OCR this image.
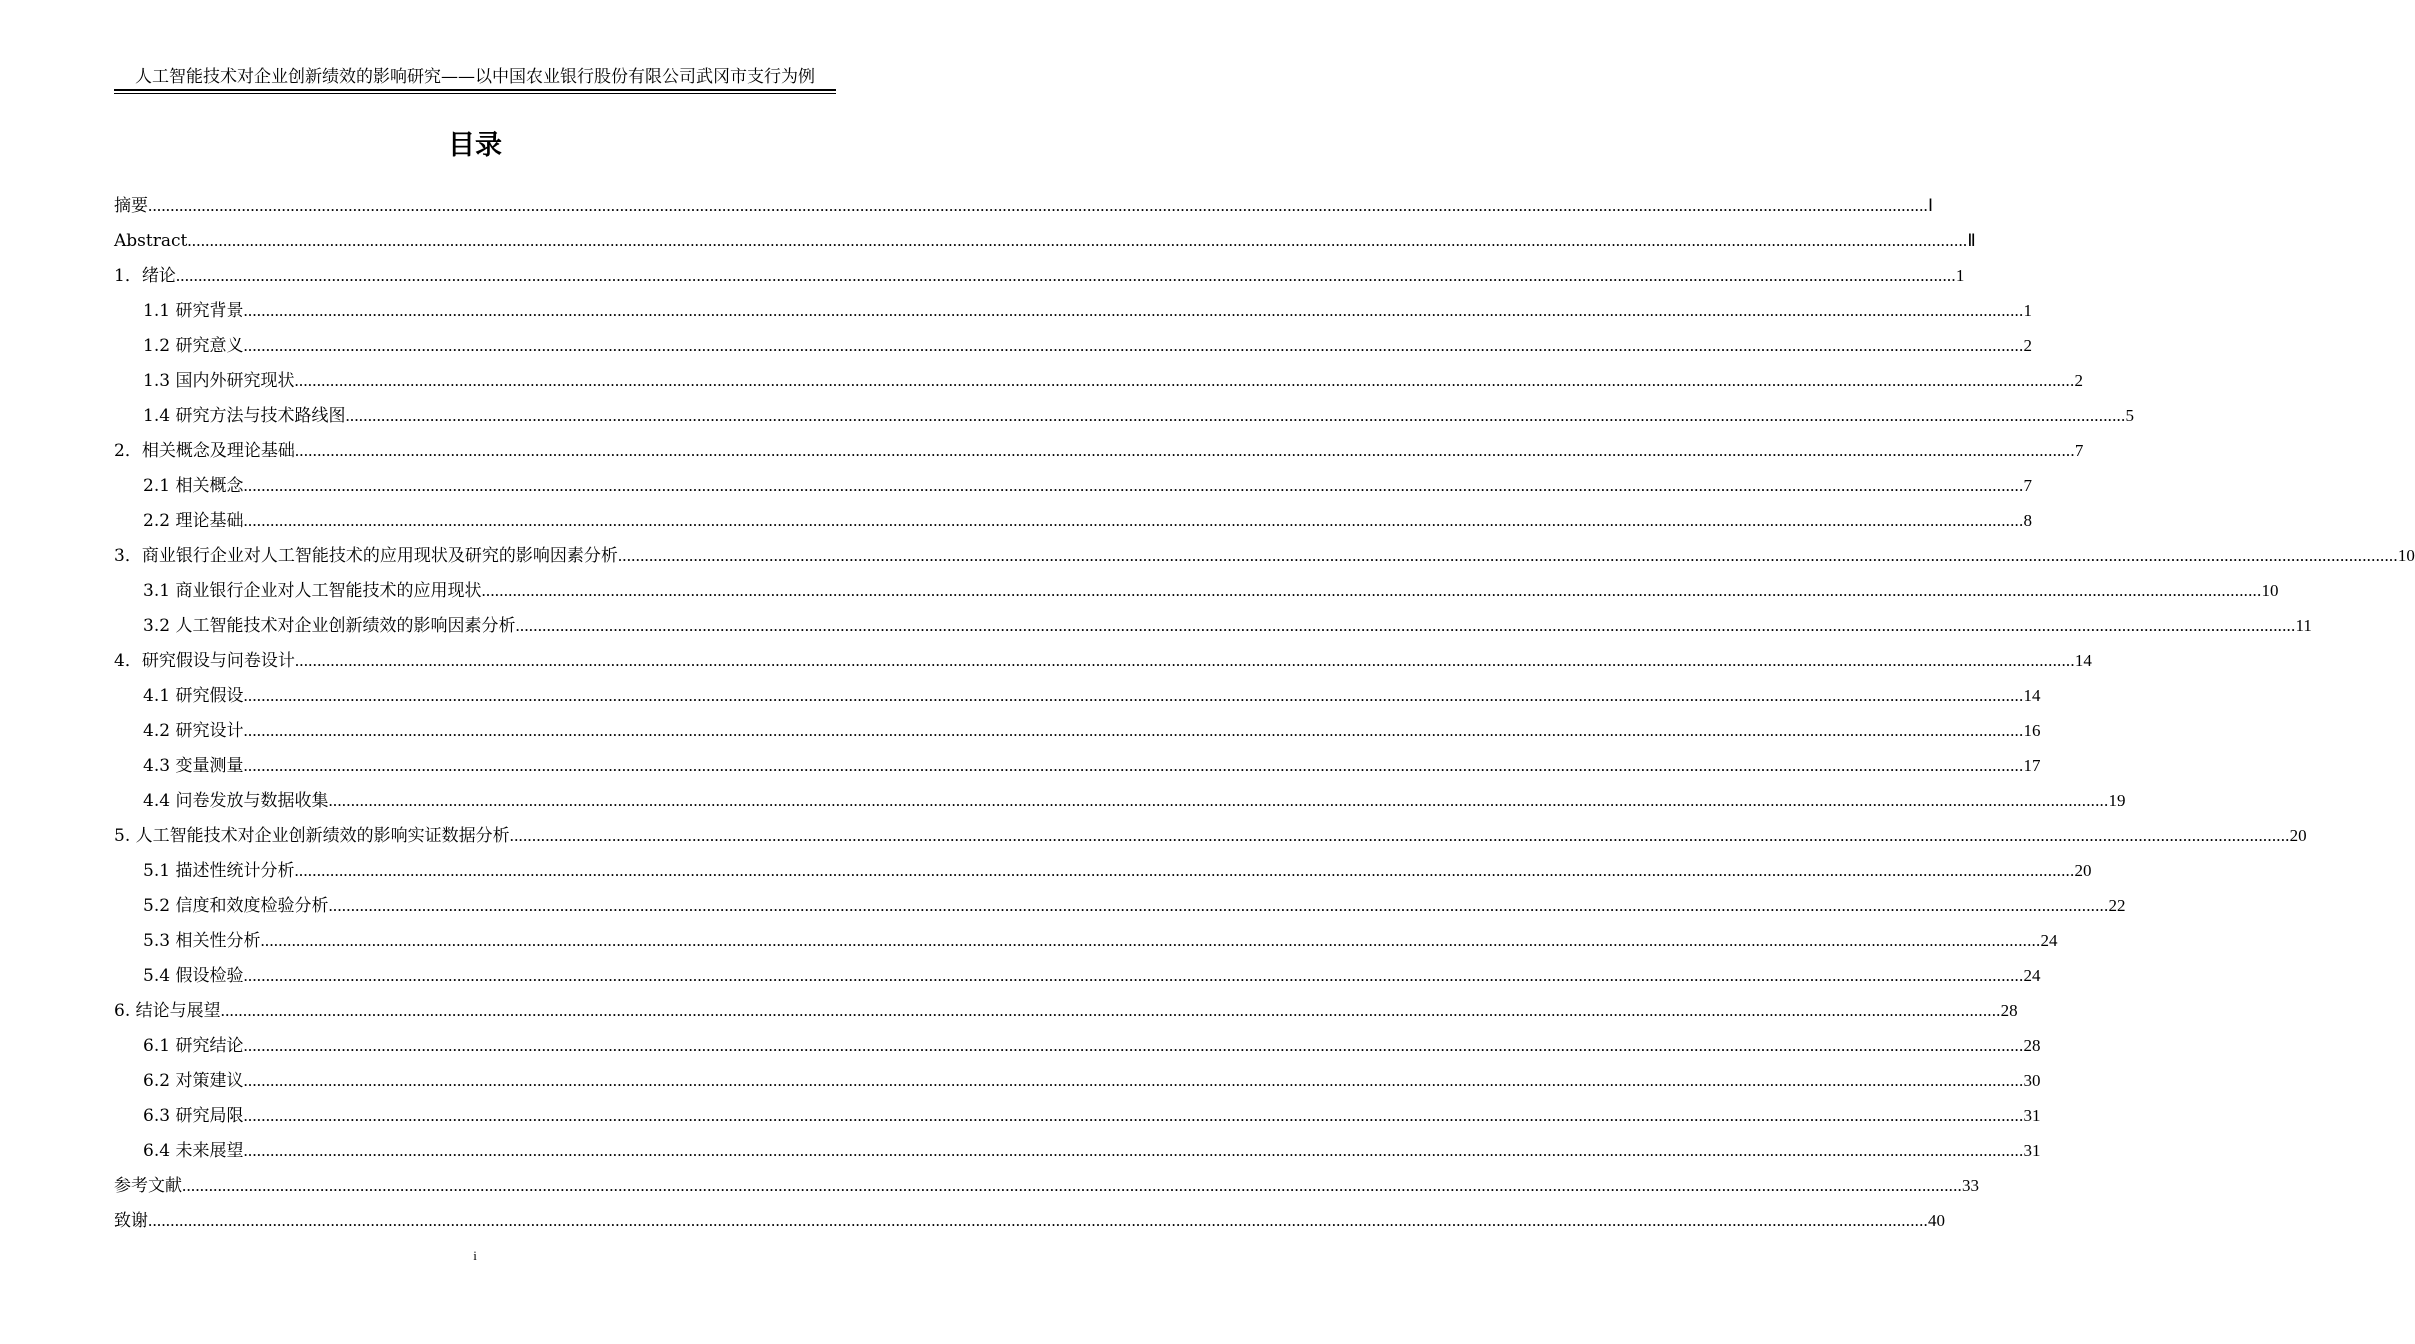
人工智能技术对企业创新绩效的影响研究——以中国农业银行股份有限公司武冈市支行为例
目录
摘要 ................................................................................................................................................................................................................................................................................................................................................................................................................ Ⅰ
Abstract ................................................................................................................................................................................................................................................................................................................................................................................................................ Ⅱ
1．绪论 ................................................................................................................................................................................................................................................................................................................................................................................................................ 1
1.1 研究背景 ................................................................................................................................................................................................................................................................................................................................................................................................................ 1
1.2 研究意义 ................................................................................................................................................................................................................................................................................................................................................................................................................ 2
1.3 国内外研究现状 ................................................................................................................................................................................................................................................................................................................................................................................................................ 2
1.4 研究方法与技术路线图 ................................................................................................................................................................................................................................................................................................................................................................................................................ 5
2．相关概念及理论基础 ................................................................................................................................................................................................................................................................................................................................................................................................................ 7
2.1 相关概念 ................................................................................................................................................................................................................................................................................................................................................................................................................ 7
2.2 理论基础 ................................................................................................................................................................................................................................................................................................................................................................................................................ 8
3．商业银行企业对人工智能技术的应用现状及研究的影响因素分析 ................................................................................................................................................................................................................................................................................................................................................................................................................ 10
3.1 商业银行企业对人工智能技术的应用现状 ................................................................................................................................................................................................................................................................................................................................................................................................................ 10
3.2 人工智能技术对企业创新绩效的影响因素分析 ................................................................................................................................................................................................................................................................................................................................................................................................................ 11
4．研究假设与问卷设计 ................................................................................................................................................................................................................................................................................................................................................................................................................ 14
4.1 研究假设 ................................................................................................................................................................................................................................................................................................................................................................................................................ 14
4.2 研究设计 ................................................................................................................................................................................................................................................................................................................................................................................................................ 16
4.3 变量测量 ................................................................................................................................................................................................................................................................................................................................................................................................................ 17
4.4 问卷发放与数据收集 ................................................................................................................................................................................................................................................................................................................................................................................................................ 19
5. 人工智能技术对企业创新绩效的影响实证数据分析 ................................................................................................................................................................................................................................................................................................................................................................................................................ 20
5.1 描述性统计分析 ................................................................................................................................................................................................................................................................................................................................................................................................................ 20
5.2 信度和效度检验分析 ................................................................................................................................................................................................................................................................................................................................................................................................................ 22
5.3 相关性分析 ................................................................................................................................................................................................................................................................................................................................................................................................................ 24
5.4 假设检验 ................................................................................................................................................................................................................................................................................................................................................................................................................ 24
6. 结论与展望 ................................................................................................................................................................................................................................................................................................................................................................................................................ 28
6.1 研究结论 ................................................................................................................................................................................................................................................................................................................................................................................................................ 28
6.2 对策建议 ................................................................................................................................................................................................................................................................................................................................................................................................................ 30
6.3 研究局限 ................................................................................................................................................................................................................................................................................................................................................................................................................ 31
6.4 未来展望 ................................................................................................................................................................................................................................................................................................................................................................................................................ 31
参考文献 ................................................................................................................................................................................................................................................................................................................................................................................................................ 33
致谢 ................................................................................................................................................................................................................................................................................................................................................................................................................ 40
i
